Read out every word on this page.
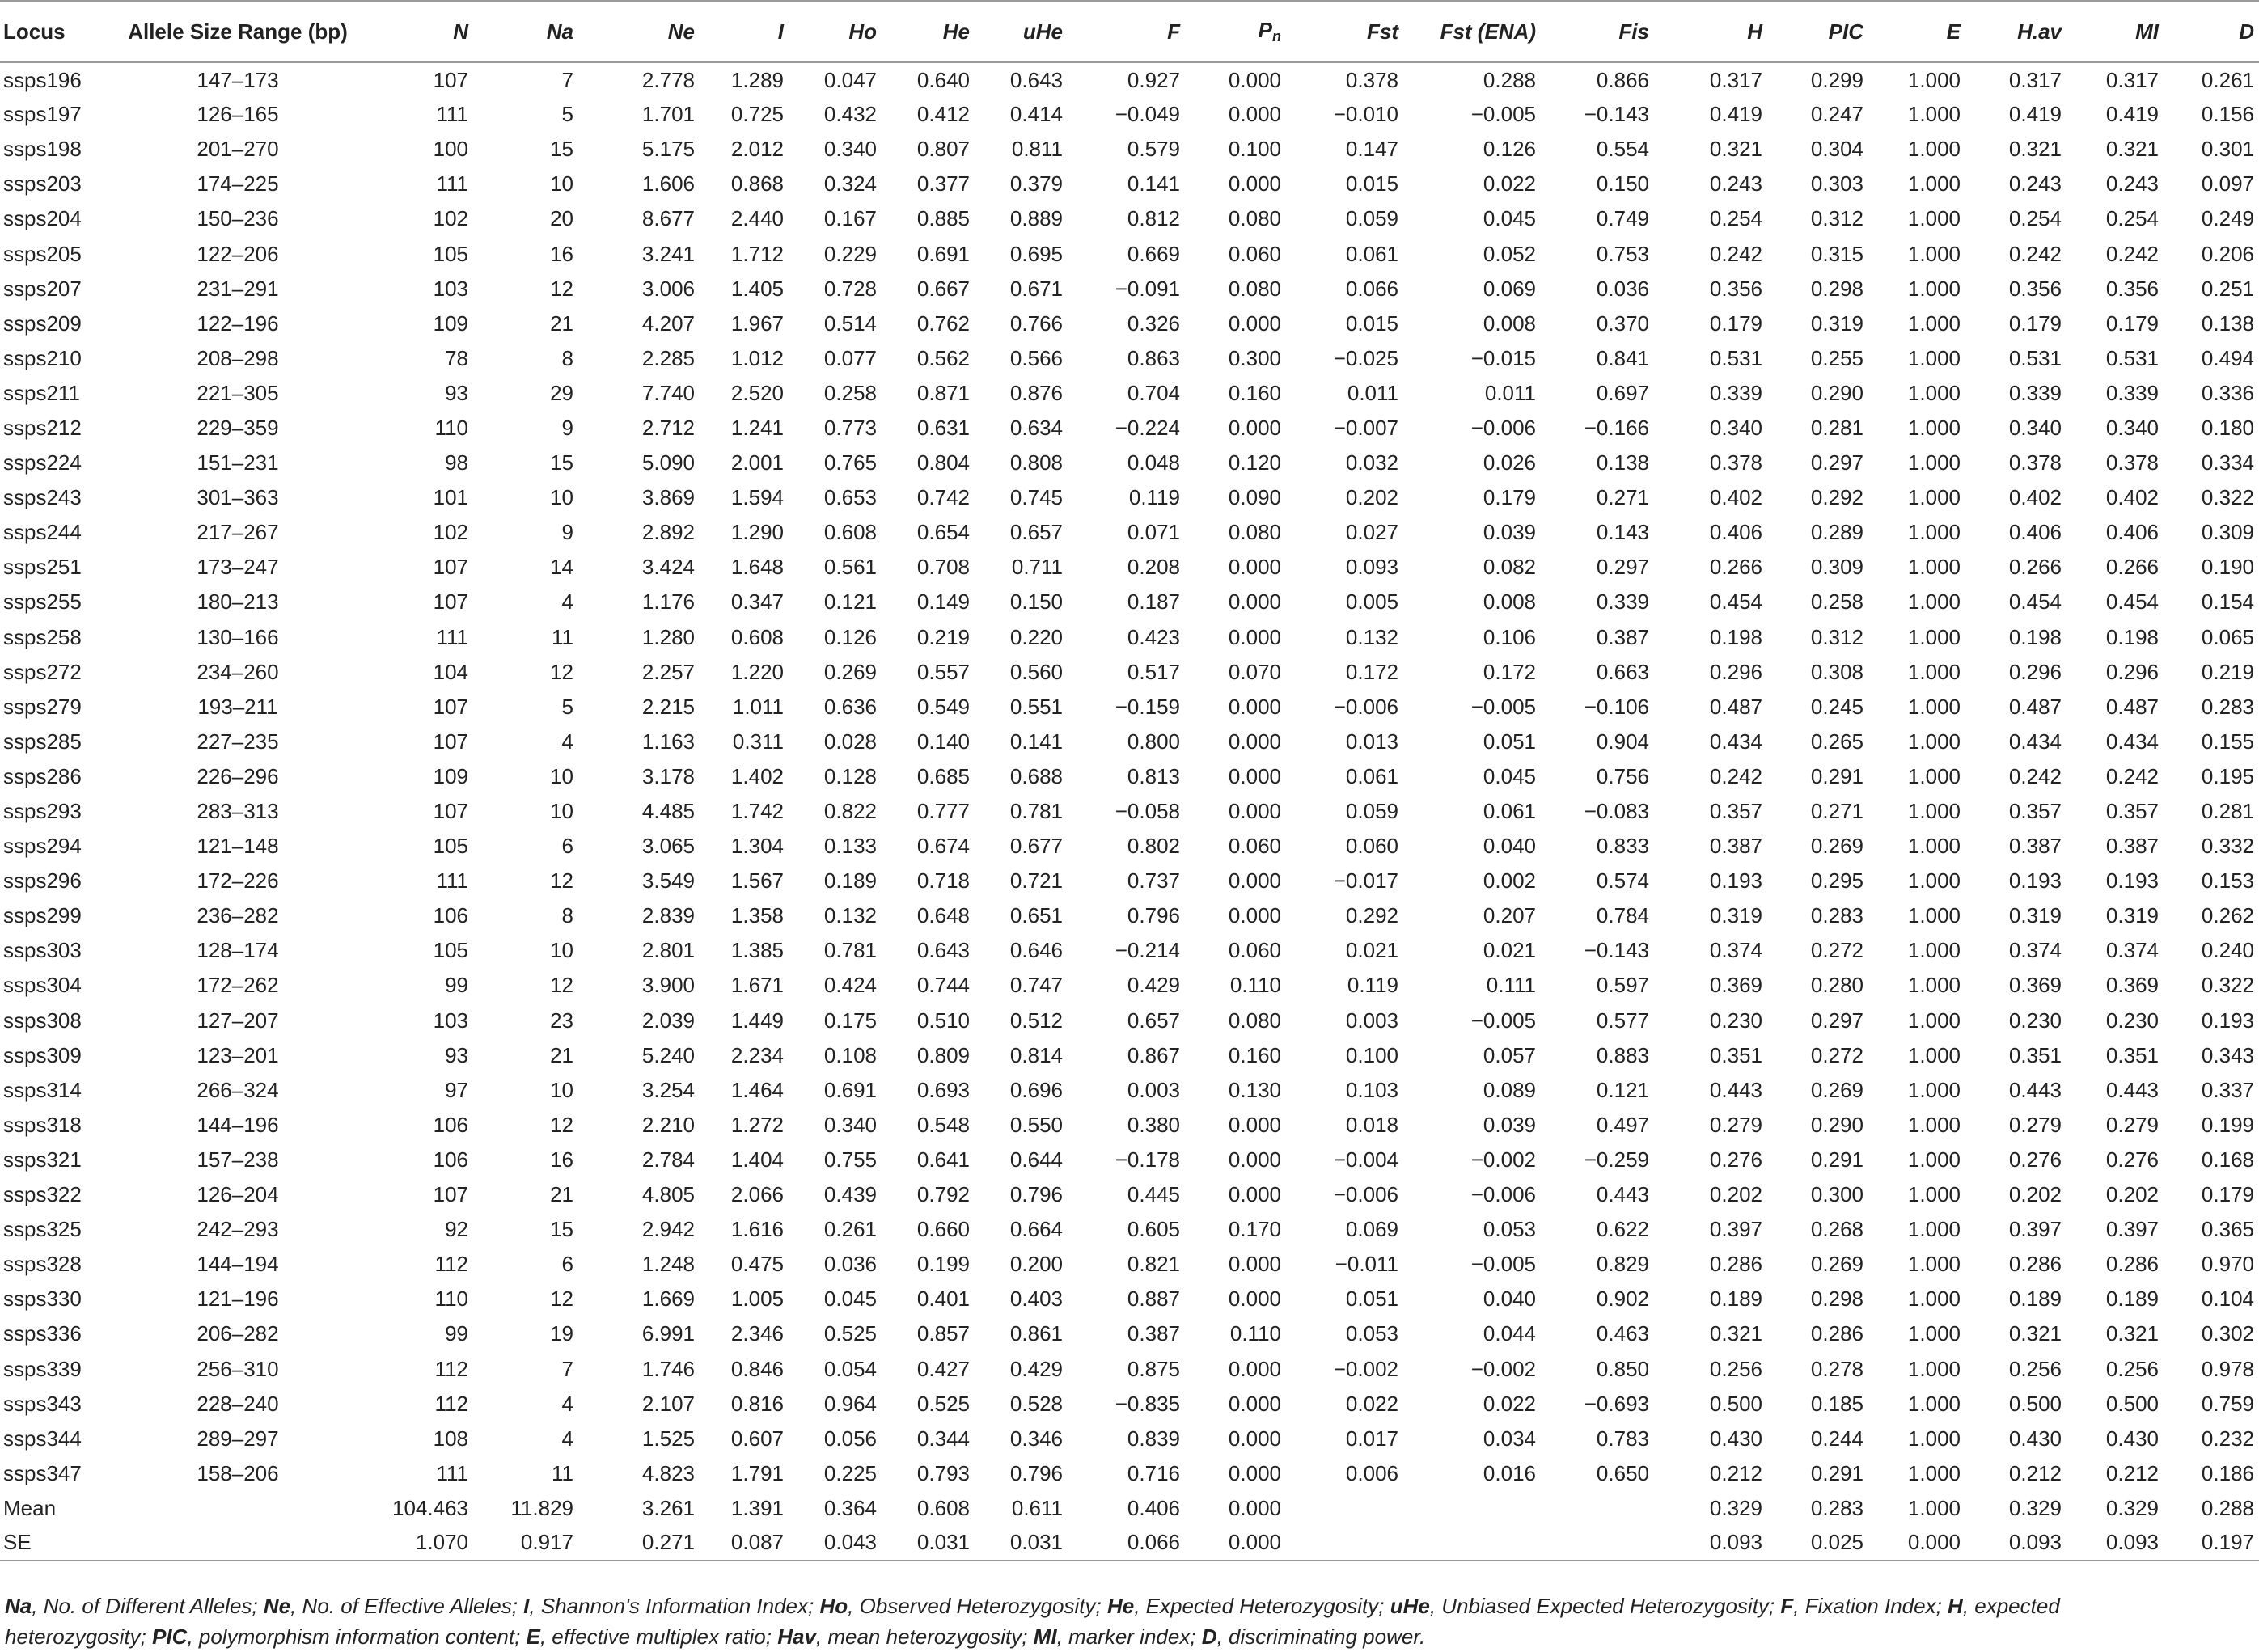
Locus	Allele Size Range (bp)	N	Na	Ne	I	Ho	He	uHe	F	$P_n$	Fst	Fst (ENA)	Fis	H	PIC	E	H.av	MI	D
ssps196	147–173	107	7	2.778	1.289	0.047	0.640	0.643	0.927	0.000	0.378	0.288	0.866	0.317	0.299	1.000	0.317	0.317	0.261
ssps197	126–165	111	5	1.701	0.725	0.432	0.412	0.414	−0.049	0.000	−0.010	−0.005	−0.143	0.419	0.247	1.000	0.419	0.419	0.156
ssps198	201–270	100	15	5.175	2.012	0.340	0.807	0.811	0.579	0.100	0.147	0.126	0.554	0.321	0.304	1.000	0.321	0.321	0.301
ssps203	174–225	111	10	1.606	0.868	0.324	0.377	0.379	0.141	0.000	0.015	0.022	0.150	0.243	0.303	1.000	0.243	0.243	0.097
ssps204	150–236	102	20	8.677	2.440	0.167	0.885	0.889	0.812	0.080	0.059	0.045	0.749	0.254	0.312	1.000	0.254	0.254	0.249
ssps205	122–206	105	16	3.241	1.712	0.229	0.691	0.695	0.669	0.060	0.061	0.052	0.753	0.242	0.315	1.000	0.242	0.242	0.206
ssps207	231–291	103	12	3.006	1.405	0.728	0.667	0.671	−0.091	0.080	0.066	0.069	0.036	0.356	0.298	1.000	0.356	0.356	0.251
ssps209	122–196	109	21	4.207	1.967	0.514	0.762	0.766	0.326	0.000	0.015	0.008	0.370	0.179	0.319	1.000	0.179	0.179	0.138
ssps210	208–298	78	8	2.285	1.012	0.077	0.562	0.566	0.863	0.300	−0.025	−0.015	0.841	0.531	0.255	1.000	0.531	0.531	0.494
ssps211	221–305	93	29	7.740	2.520	0.258	0.871	0.876	0.704	0.160	0.011	0.011	0.697	0.339	0.290	1.000	0.339	0.339	0.336
ssps212	229–359	110	9	2.712	1.241	0.773	0.631	0.634	−0.224	0.000	−0.007	−0.006	−0.166	0.340	0.281	1.000	0.340	0.340	0.180
ssps224	151–231	98	15	5.090	2.001	0.765	0.804	0.808	0.048	0.120	0.032	0.026	0.138	0.378	0.297	1.000	0.378	0.378	0.334
ssps243	301–363	101	10	3.869	1.594	0.653	0.742	0.745	0.119	0.090	0.202	0.179	0.271	0.402	0.292	1.000	0.402	0.402	0.322
ssps244	217–267	102	9	2.892	1.290	0.608	0.654	0.657	0.071	0.080	0.027	0.039	0.143	0.406	0.289	1.000	0.406	0.406	0.309
ssps251	173–247	107	14	3.424	1.648	0.561	0.708	0.711	0.208	0.000	0.093	0.082	0.297	0.266	0.309	1.000	0.266	0.266	0.190
ssps255	180–213	107	4	1.176	0.347	0.121	0.149	0.150	0.187	0.000	0.005	0.008	0.339	0.454	0.258	1.000	0.454	0.454	0.154
ssps258	130–166	111	11	1.280	0.608	0.126	0.219	0.220	0.423	0.000	0.132	0.106	0.387	0.198	0.312	1.000	0.198	0.198	0.065
ssps272	234–260	104	12	2.257	1.220	0.269	0.557	0.560	0.517	0.070	0.172	0.172	0.663	0.296	0.308	1.000	0.296	0.296	0.219
ssps279	193–211	107	5	2.215	1.011	0.636	0.549	0.551	−0.159	0.000	−0.006	−0.005	−0.106	0.487	0.245	1.000	0.487	0.487	0.283
ssps285	227–235	107	4	1.163	0.311	0.028	0.140	0.141	0.800	0.000	0.013	0.051	0.904	0.434	0.265	1.000	0.434	0.434	0.155
ssps286	226–296	109	10	3.178	1.402	0.128	0.685	0.688	0.813	0.000	0.061	0.045	0.756	0.242	0.291	1.000	0.242	0.242	0.195
ssps293	283–313	107	10	4.485	1.742	0.822	0.777	0.781	−0.058	0.000	0.059	0.061	−0.083	0.357	0.271	1.000	0.357	0.357	0.281
ssps294	121–148	105	6	3.065	1.304	0.133	0.674	0.677	0.802	0.060	0.060	0.040	0.833	0.387	0.269	1.000	0.387	0.387	0.332
ssps296	172–226	111	12	3.549	1.567	0.189	0.718	0.721	0.737	0.000	−0.017	0.002	0.574	0.193	0.295	1.000	0.193	0.193	0.153
ssps299	236–282	106	8	2.839	1.358	0.132	0.648	0.651	0.796	0.000	0.292	0.207	0.784	0.319	0.283	1.000	0.319	0.319	0.262
ssps303	128–174	105	10	2.801	1.385	0.781	0.643	0.646	−0.214	0.060	0.021	0.021	−0.143	0.374	0.272	1.000	0.374	0.374	0.240
ssps304	172–262	99	12	3.900	1.671	0.424	0.744	0.747	0.429	0.110	0.119	0.111	0.597	0.369	0.280	1.000	0.369	0.369	0.322
ssps308	127–207	103	23	2.039	1.449	0.175	0.510	0.512	0.657	0.080	0.003	−0.005	0.577	0.230	0.297	1.000	0.230	0.230	0.193
ssps309	123–201	93	21	5.240	2.234	0.108	0.809	0.814	0.867	0.160	0.100	0.057	0.883	0.351	0.272	1.000	0.351	0.351	0.343
ssps314	266–324	97	10	3.254	1.464	0.691	0.693	0.696	0.003	0.130	0.103	0.089	0.121	0.443	0.269	1.000	0.443	0.443	0.337
ssps318	144–196	106	12	2.210	1.272	0.340	0.548	0.550	0.380	0.000	0.018	0.039	0.497	0.279	0.290	1.000	0.279	0.279	0.199
ssps321	157–238	106	16	2.784	1.404	0.755	0.641	0.644	−0.178	0.000	−0.004	−0.002	−0.259	0.276	0.291	1.000	0.276	0.276	0.168
ssps322	126–204	107	21	4.805	2.066	0.439	0.792	0.796	0.445	0.000	−0.006	−0.006	0.443	0.202	0.300	1.000	0.202	0.202	0.179
ssps325	242–293	92	15	2.942	1.616	0.261	0.660	0.664	0.605	0.170	0.069	0.053	0.622	0.397	0.268	1.000	0.397	0.397	0.365
ssps328	144–194	112	6	1.248	0.475	0.036	0.199	0.200	0.821	0.000	−0.011	−0.005	0.829	0.286	0.269	1.000	0.286	0.286	0.970
ssps330	121–196	110	12	1.669	1.005	0.045	0.401	0.403	0.887	0.000	0.051	0.040	0.902	0.189	0.298	1.000	0.189	0.189	0.104
ssps336	206–282	99	19	6.991	2.346	0.525	0.857	0.861	0.387	0.110	0.053	0.044	0.463	0.321	0.286	1.000	0.321	0.321	0.302
ssps339	256–310	112	7	1.746	0.846	0.054	0.427	0.429	0.875	0.000	−0.002	−0.002	0.850	0.256	0.278	1.000	0.256	0.256	0.978
ssps343	228–240	112	4	2.107	0.816	0.964	0.525	0.528	−0.835	0.000	0.022	0.022	−0.693	0.500	0.185	1.000	0.500	0.500	0.759
ssps344	289–297	108	4	1.525	0.607	0.056	0.344	0.346	0.839	0.000	0.017	0.034	0.783	0.430	0.244	1.000	0.430	0.430	0.232
ssps347	158–206	111	11	4.823	1.791	0.225	0.793	0.796	0.716	0.000	0.006	0.016	0.650	0.212	0.291	1.000	0.212	0.212	0.186
Mean		104.463	11.829	3.261	1.391	0.364	0.608	0.611	0.406	0.000				0.329	0.283	1.000	0.329	0.329	0.288
SE		1.070	0.917	0.271	0.087	0.043	0.031	0.031	0.066	0.000				0.093	0.025	0.000	0.093	0.093	0.197

Na, No. of Different Alleles; Ne, No. of Effective Alleles; I, Shannon's Information Index; Ho, Observed Heterozygosity; He, Expected Heterozygosity; uHe, Unbiased Expected Heterozygosity; F, Fixation Index; H, expected heterozygosity; PIC, polymorphism information content; E, effective multiplex ratio; Hav, mean heterozygosity; MI, marker index; D, discriminating power.
